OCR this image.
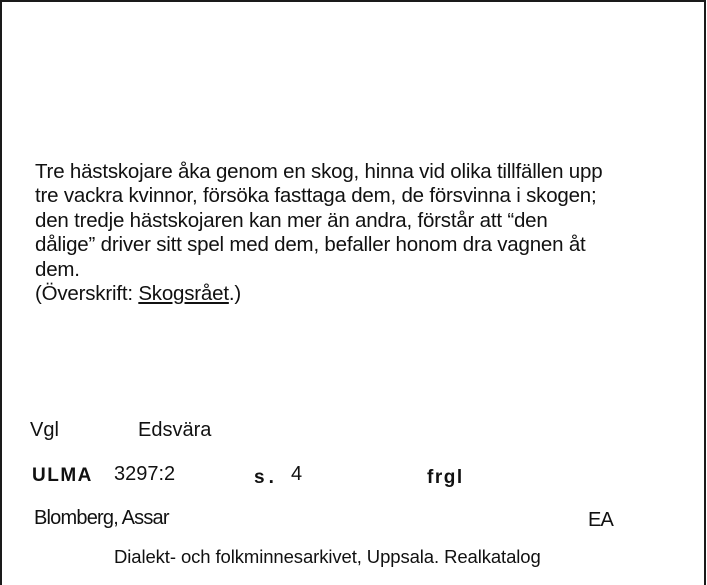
Tre hästskojare åka genom en skog, hinna vid olika tillfällen upp

tre vackra kvinnor, försöka fasttaga dem, de försvinna i skogen;

den tredje hästskojaren kan mer än andra, förstår att “den

dålige” driver sitt spel med dem, befaller honom dra vagnen åt

dem.

(Överskrift: Skogsrået.)

Vgl	Edsvära
ULMA 3297:2	s. 4	frgl
Blomberg, Assar	EA
Dialekt- och folkminnesarkivet, Uppsala. Realkatalog
